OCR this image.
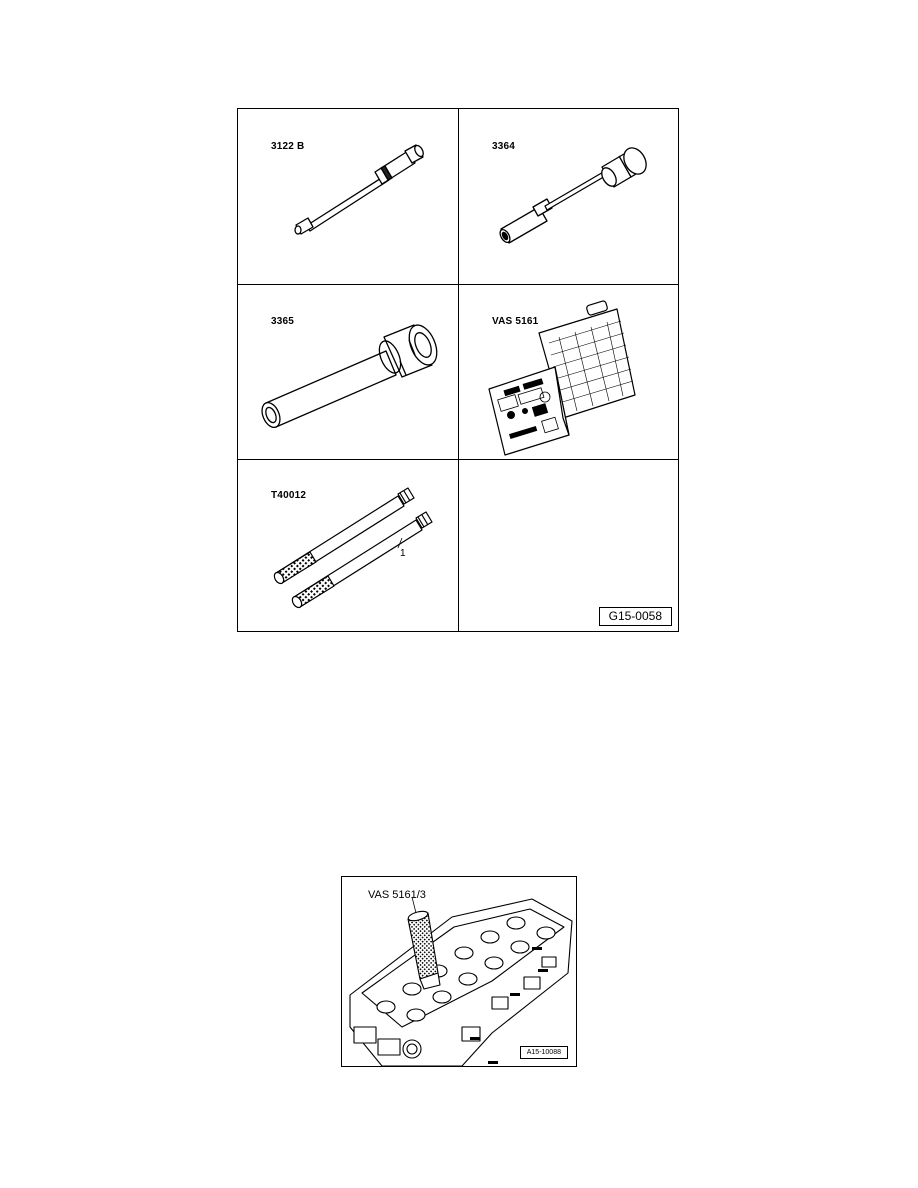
3122 B	3364
3365	VAS 5161
T40012
1
G15-0058
VAS 5161/3
A15-10088
